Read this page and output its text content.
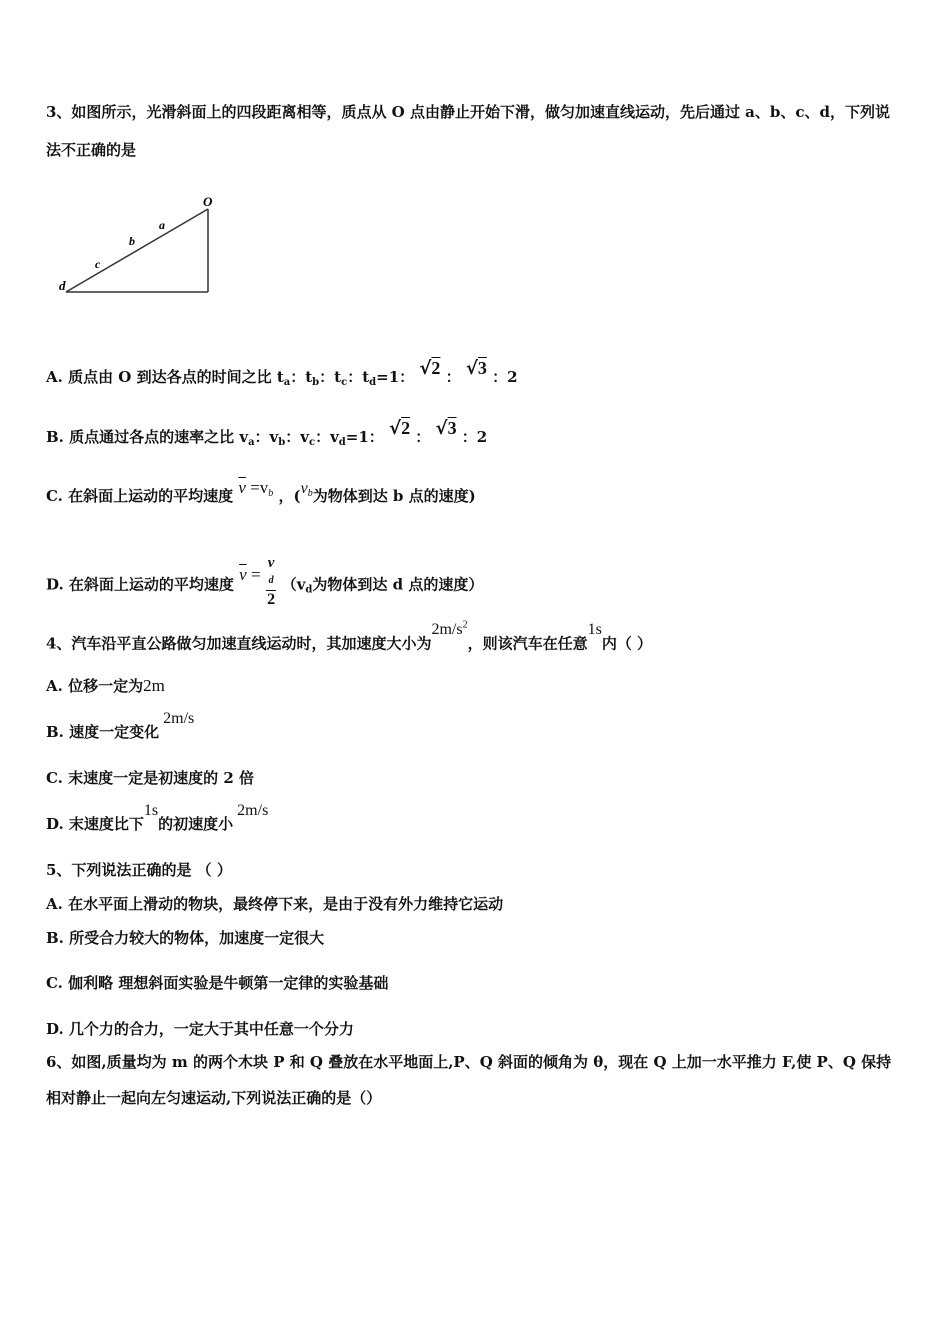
3、如图所示，光滑斜面上的四段距离相等，质点从 O 点由静止开始下滑，做匀加速直线运动，先后通过 a、b、c、d，下列说
法不正确的是
O
a
b
c
d
A. 质点由 O 到达各点的时间之比 $t_a$：$t_b$：$t_c$：$t_d=1$： √2 ： √3 ：2
B. 质点通过各点的速率之比 $v_a$：$v_b$：$v_c$：$v_d=1$： √2 ： √3 ：2
C. 在斜面上运动的平均速度 $\overline{v} =v_b$ ，($v_b$为物体到达 b 点的速度)
D. 在斜面上运动的平均速度 $\overline{v} = v$
d
2 （$v_d$为物体到达 d 点的速度）
4、汽车沿平直公路做匀加速直线运动时，其加速度大小为$2m/s^2$，则该汽车在任意1s内（ ）
A. 位移一定为2m
B. 速度一定变化2m/s
C. 末速度一定是初速度的 2 倍
D. 末速度比下1s的初速度小2m/s
5、下列说法正确的是 （ ）
A. 在水平面上滑动的物块，最终停下来，是由于没有外力维持它运动
B. 所受合力较大的物体，加速度一定很大
C. 伽利略 理想斜面实验是牛顿第一定律的实验基础
D. 几个力的合力，一定大于其中任意一个分力
6、如图,质量均为 m 的两个木块 P 和 Q 叠放在水平地面上,P、Q 斜面的倾角为 θ，现在 Q 上加一水平推力 F,使 P、Q 保持
相对静止一起向左匀速运动,下列说法正确的是（）
